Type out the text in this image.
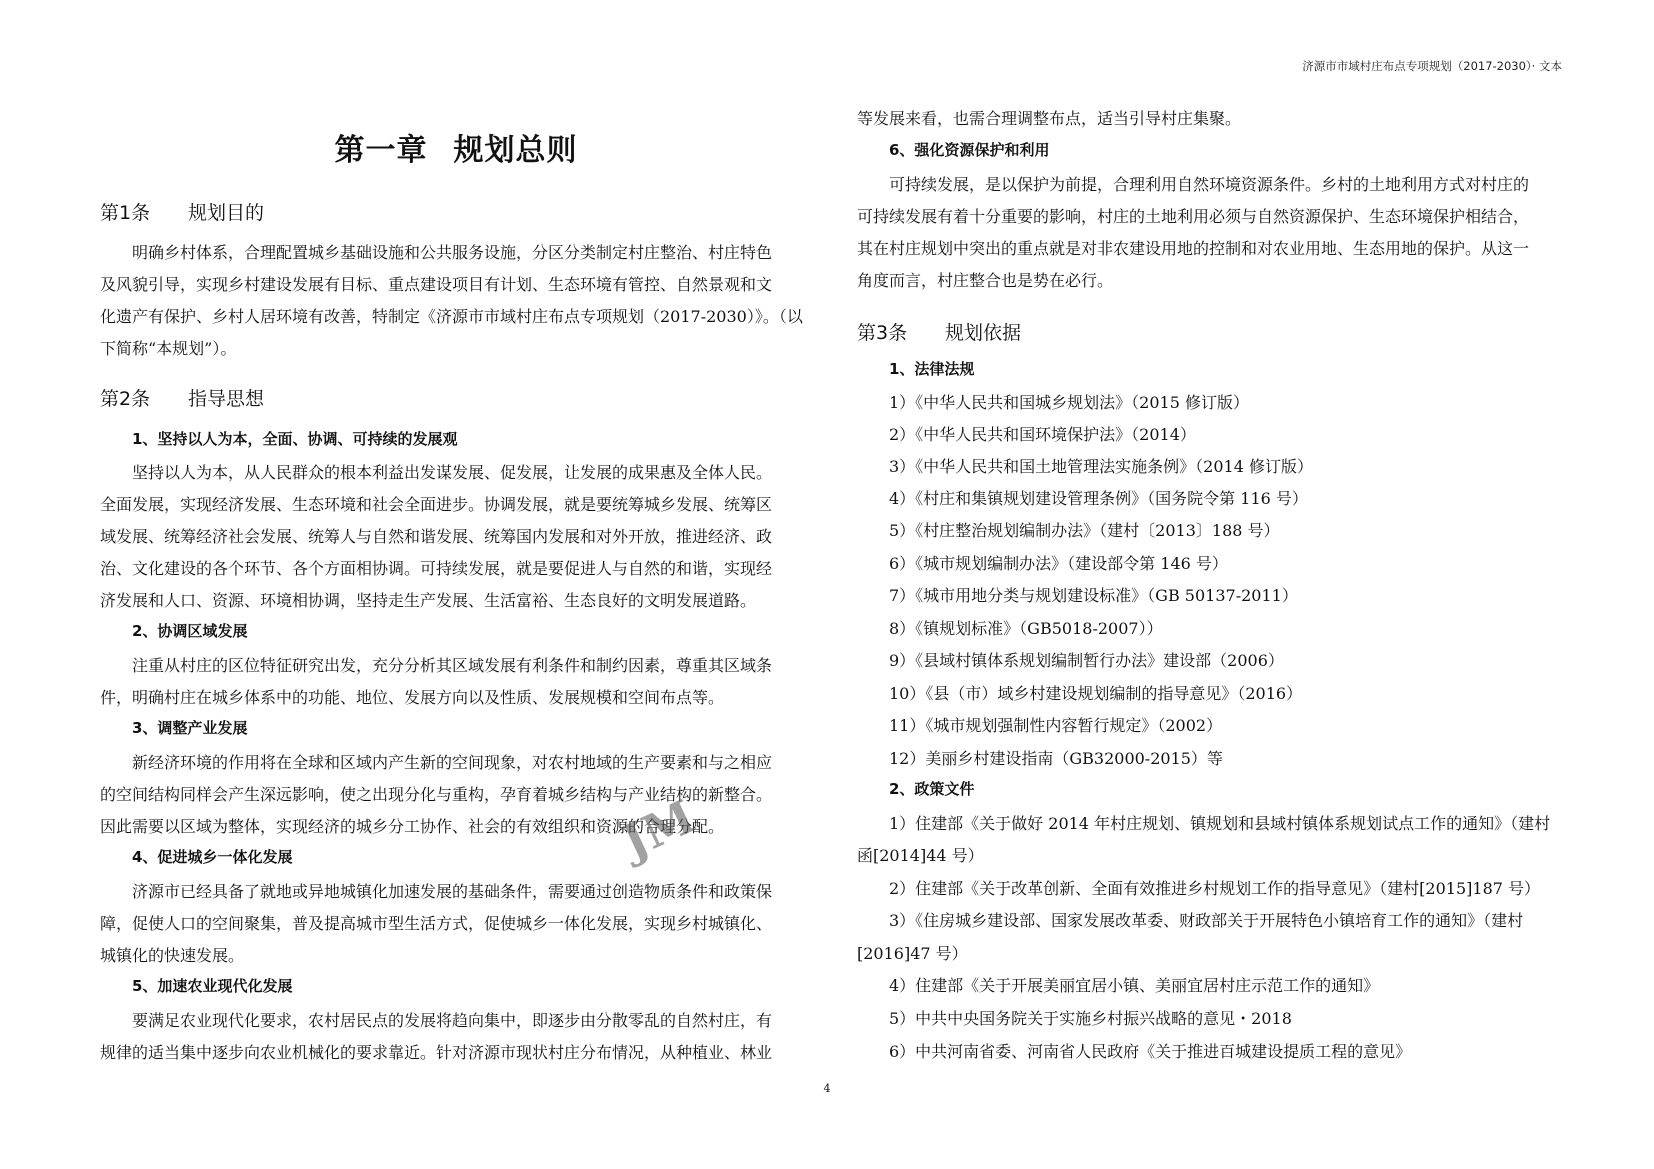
济源市市域村庄布点专项规划（2017-2030）· 文本
第一章 规划总则
第1条 规划目的
明确乡村体系，合理配置城乡基础设施和公共服务设施，分区分类制定村庄整治、村庄特色
及风貌引导，实现乡村建设发展有目标、重点建设项目有计划、生态环境有管控、自然景观和文
化遗产有保护、乡村人居环境有改善，特制定《济源市市域村庄布点专项规划（2017-2030）》。（以
下简称“本规划”）。
第2条 指导思想
1、坚持以人为本，全面、协调、可持续的发展观
坚持以人为本，从人民群众的根本利益出发谋发展、促发展，让发展的成果惠及全体人民。
全面发展，实现经济发展、生态环境和社会全面进步。协调发展，就是要统筹城乡发展、统筹区
域发展、统筹经济社会发展、统筹人与自然和谐发展、统筹国内发展和对外开放，推进经济、政
治、文化建设的各个环节、各个方面相协调。可持续发展，就是要促进人与自然的和谐，实现经
济发展和人口、资源、环境相协调，坚持走生产发展、生活富裕、生态良好的文明发展道路。
2、协调区域发展
注重从村庄的区位特征研究出发，充分分析其区域发展有利条件和制约因素，尊重其区域条
件，明确村庄在城乡体系中的功能、地位、发展方向以及性质、发展规模和空间布点等。
3、调整产业发展
新经济环境的作用将在全球和区域内产生新的空间现象，对农村地域的生产要素和与之相应
的空间结构同样会产生深远影响，使之出现分化与重构，孕育着城乡结构与产业结构的新整合。
因此需要以区域为整体，实现经济的城乡分工协作、社会的有效组织和资源的合理分配。
4、促进城乡一体化发展
济源市已经具备了就地或异地城镇化加速发展的基础条件，需要通过创造物质条件和政策保
障，促使人口的空间聚集，普及提高城市型生活方式，促使城乡一体化发展，实现乡村城镇化、
城镇化的快速发展。
5、加速农业现代化发展
要满足农业现代化要求，农村居民点的发展将趋向集中，即逐步由分散零乱的自然村庄，有
规律的适当集中逐步向农业机械化的要求靠近。针对济源市现状村庄分布情况，从种植业、林业
等发展来看，也需合理调整布点，适当引导村庄集聚。
6、强化资源保护和利用
可持续发展，是以保护为前提，合理利用自然环境资源条件。乡村的土地利用方式对村庄的
可持续发展有着十分重要的影响，村庄的土地利用必须与自然资源保护、生态环境保护相结合，
其在村庄规划中突出的重点就是对非农建设用地的控制和对农业用地、生态用地的保护。从这一
角度而言，村庄整合也是势在必行。
第3条 规划依据
1、法律法规
1）《中华人民共和国城乡规划法》（2015 修订版）
2）《中华人民共和国环境保护法》（2014）
3）《中华人民共和国土地管理法实施条例》（2014 修订版）
4）《村庄和集镇规划建设管理条例》（国务院令第 116 号）
5）《村庄整治规划编制办法》（建村〔2013〕188 号）
6）《城市规划编制办法》（建设部令第 146 号）
7）《城市用地分类与规划建设标准》（GB 50137-2011）
8）《镇规划标准》（GB5018-2007））
9）《县域村镇体系规划编制暂行办法》建设部（2006）
10）《县（市）域乡村建设规划编制的指导意见》（2016）
11）《城市规划强制性内容暂行规定》（2002）
12）美丽乡村建设指南（GB32000-2015）等
2、政策文件
1）住建部《关于做好 2014 年村庄规划、镇规划和县域村镇体系规划试点工作的通知》（建村
函[2014]44 号）
2）住建部《关于改革创新、全面有效推进乡村规划工作的指导意见》（建村[2015]187 号）
3）《住房城乡建设部、国家发展改革委、财政部关于开展特色小镇培育工作的通知》（建村
[2016]47 号）
4）住建部《关于开展美丽宜居小镇、美丽宜居村庄示范工作的通知》
5）中共中央国务院关于实施乡村振兴战略的意见・2018
6）中共河南省委、河南省人民政府《关于推进百城建设提质工程的意见》
JM
4
